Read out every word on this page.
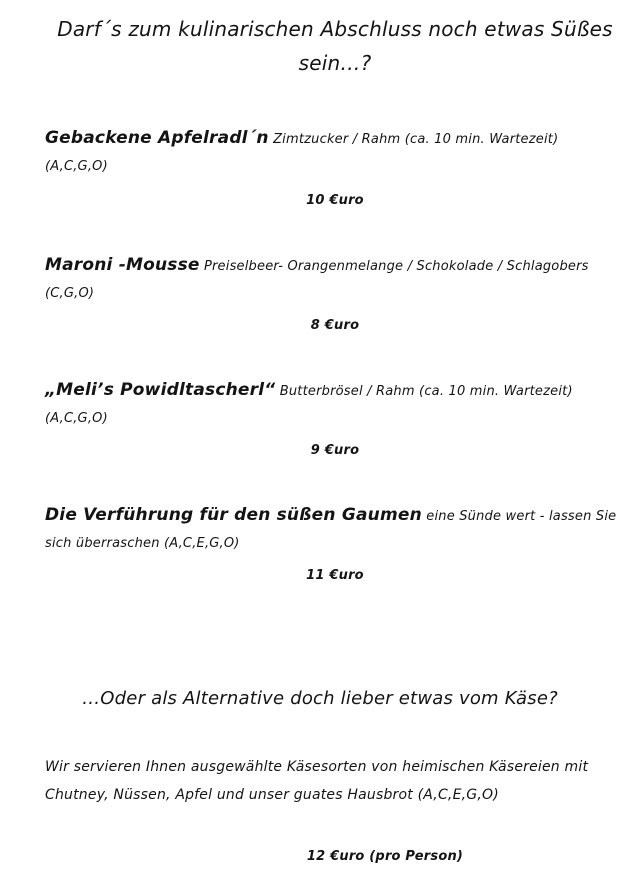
Darf´s zum kulinarischen Abschluss noch etwas Süßes sein…?
Gebackene Apfelradl´n Zimtzucker / Rahm (ca. 10 min. Wartezeit) (A,C,G,O)
10 €uro
Maroni -Mousse Preiselbeer- Orangenmelange / Schokolade / Schlagobers (C,G,O)
8 €uro
„Meli’s Powidltascherl“ Butterbrösel / Rahm (ca. 10 min. Wartezeit) (A,C,G,O)
9 €uro
Die Verführung für den süßen Gaumen eine Sünde wert - lassen Sie sich überraschen (A,C,E,G,O)
11 €uro
…Oder als Alternative doch lieber etwas vom Käse?
Wir servieren Ihnen ausgewählte Käsesorten von heimischen Käsereien mit Chutney, Nüssen, Apfel und unser guates Hausbrot (A,C,E,G,O)
12 €uro (pro Person)
